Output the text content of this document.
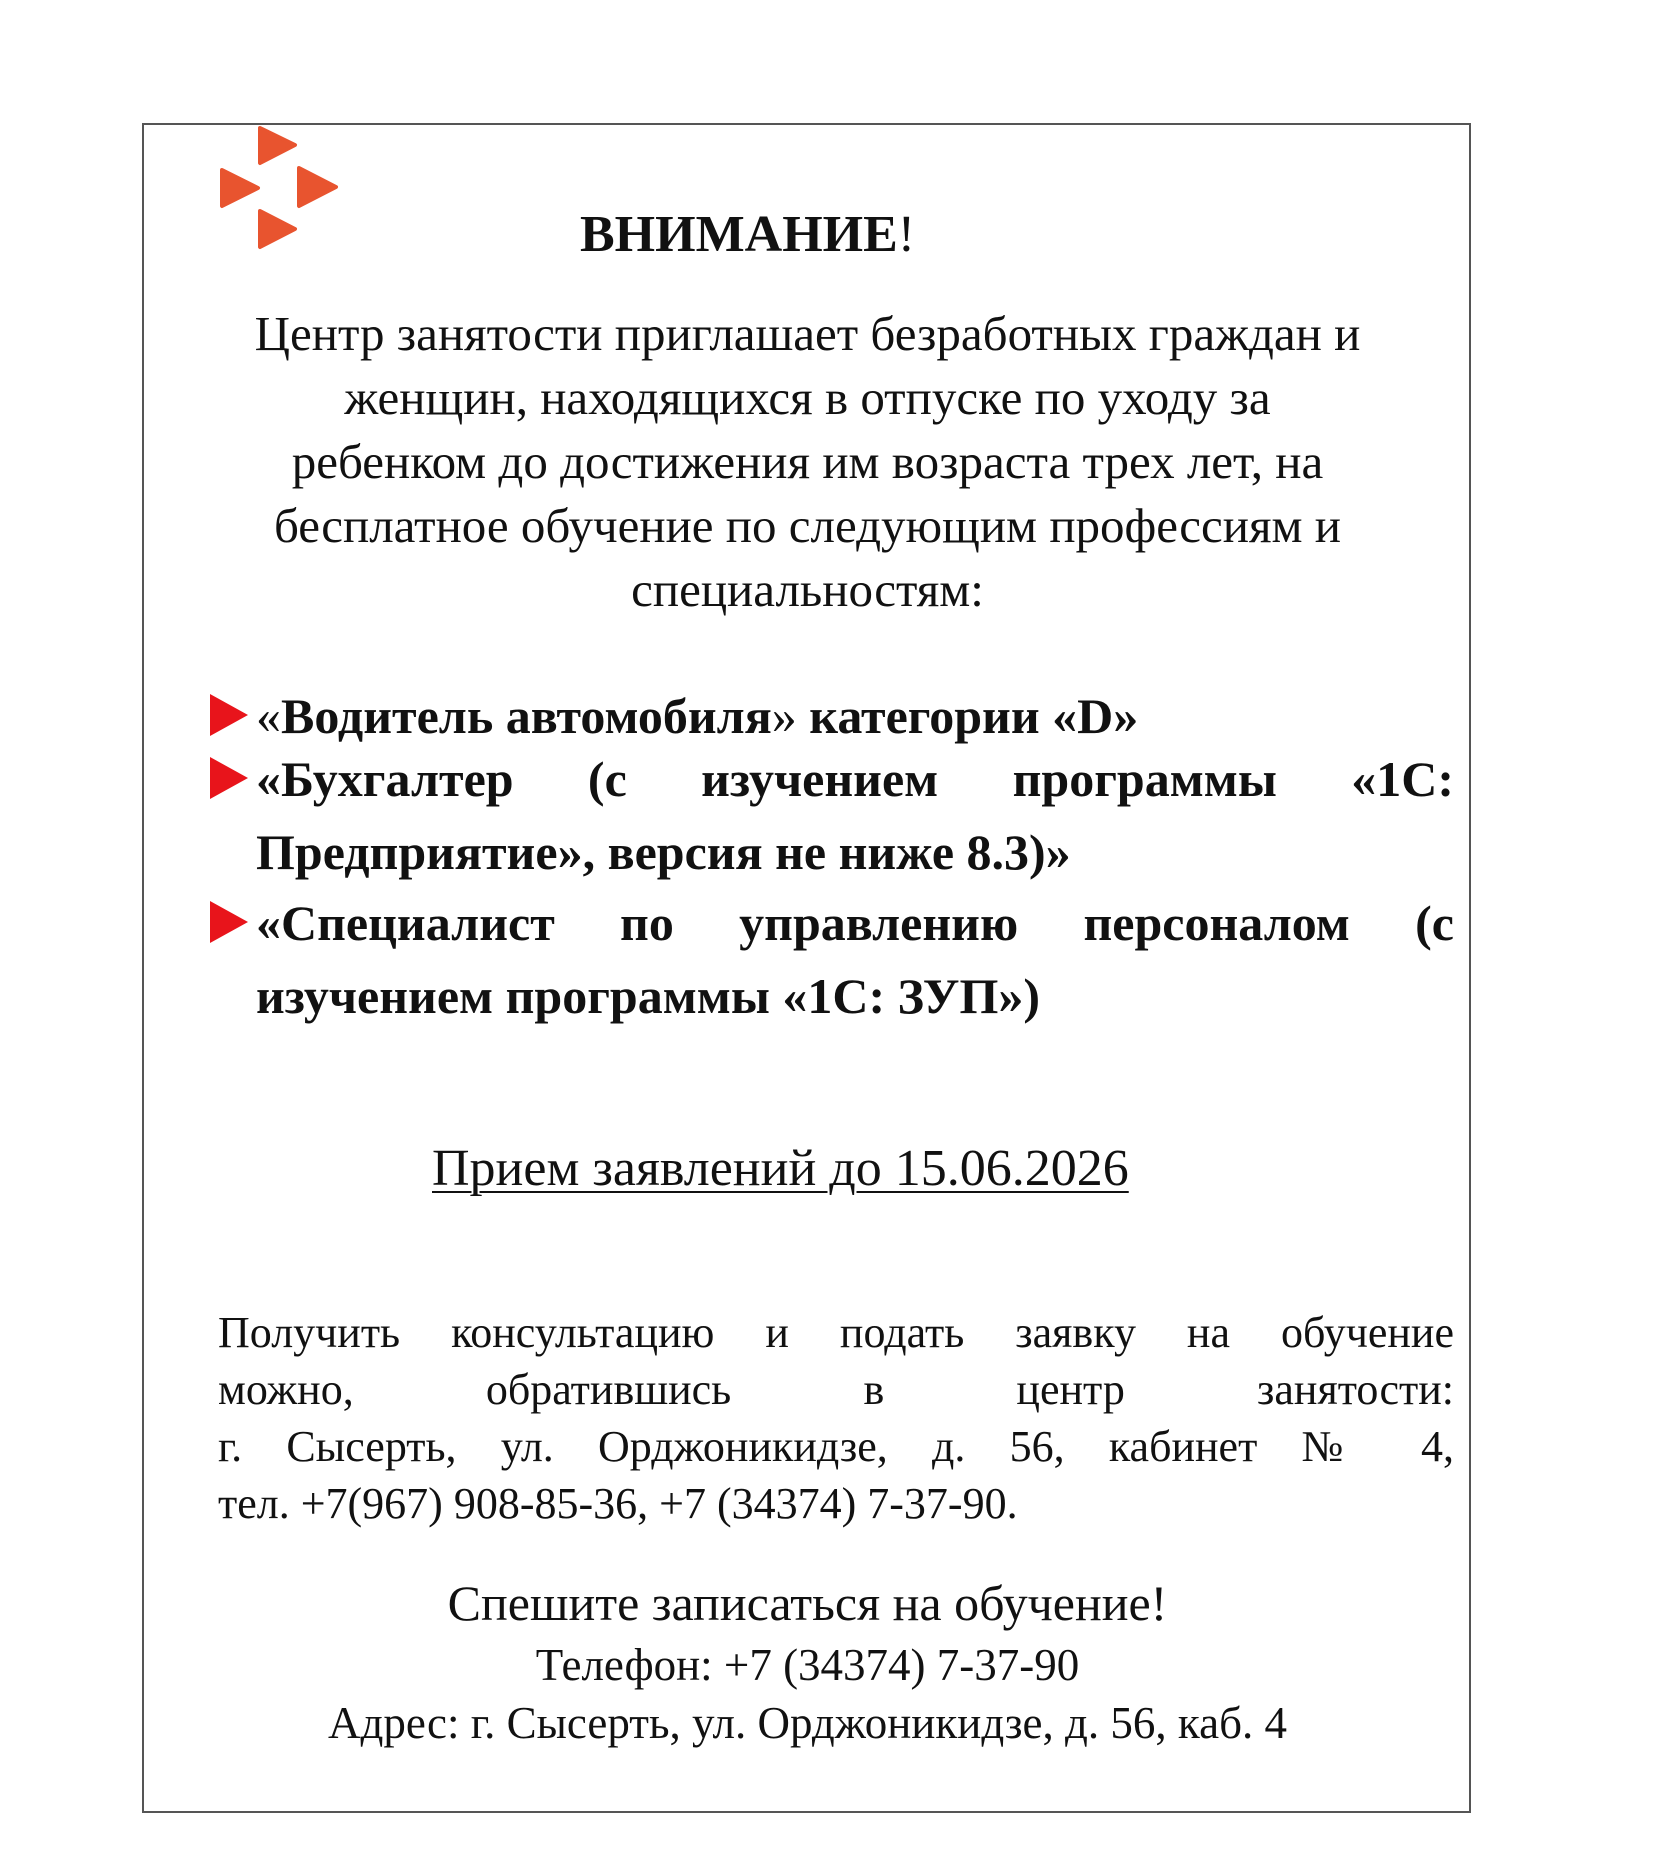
ВНИМАНИЕ!
Центр занятости приглашает безработных граждан и
женщин, находящихся в отпуске по уходу за
ребенком до достижения им возраста трех лет, на
бесплатное обучение по следующим профессиям и
специальностям:
«Водитель автомобиля» категории «D»
«Бухгалтер (с изучением программы «1С:
Предприятие», версия не ниже 8.3)»
«Специалист по управлению персоналом (с
изучением программы «1С: ЗУП»)
Прием заявлений до 15.06.2026
Получить консультацию и подать заявку на обучение
можно, обратившись в центр занятости:
г. Сысерть, ул. Орджоникидзе, д. 56, кабинет № 4,
тел. +7(967) 908-85-36, +7 (34374) 7-37-90.
Спешите записаться на обучение!
Телефон: +7 (34374) 7-37-90
Адрес: г. Сысерть, ул. Орджоникидзе, д. 56, каб. 4
